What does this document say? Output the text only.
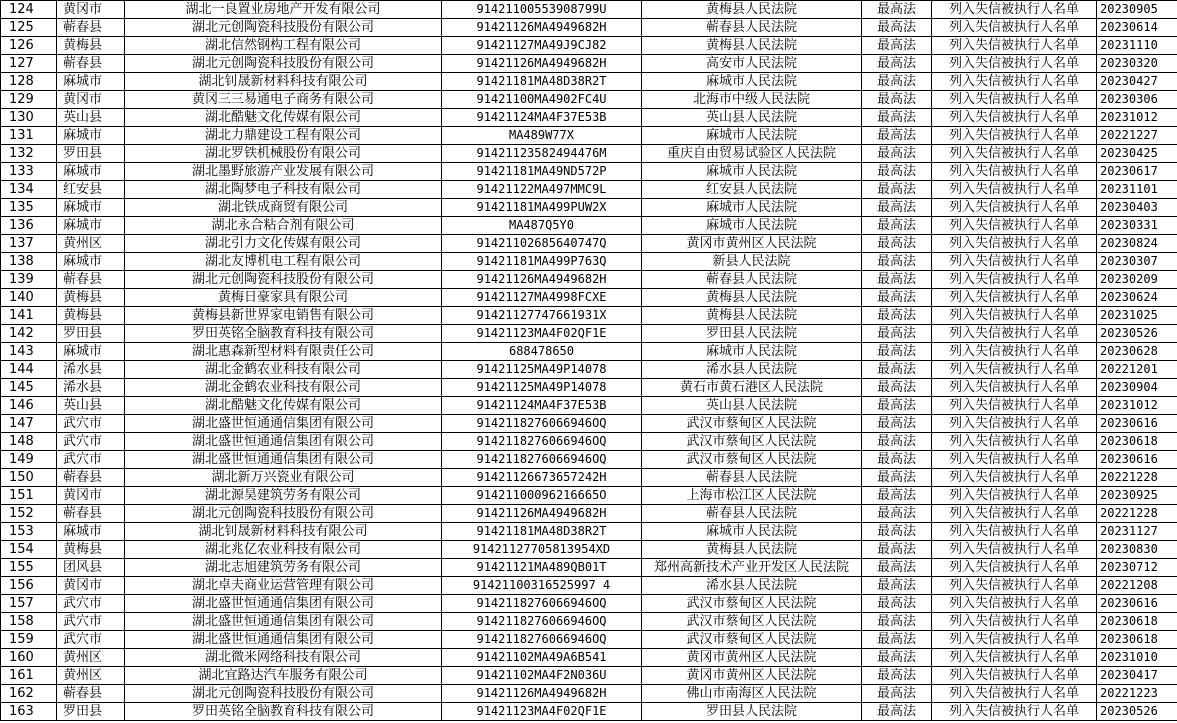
124	黄冈市	湖北一良置业房地产开发有限公司	91421100553908799U	黄梅县人民法院	最高法	列入失信被执行人名单	20230905
125	蕲春县	湖北元创陶瓷科技股份有限公司	91421126MA4949682H	蕲春县人民法院	最高法	列入失信被执行人名单	20230614
126	黄梅县	湖北信然钢构工程有限公司	91421127MA49J9CJ82	黄梅县人民法院	最高法	列入失信被执行人名单	20231110
127	蕲春县	湖北元创陶瓷科技股份有限公司	91421126MA4949682H	高安市人民法院	最高法	列入失信被执行人名单	20230320
128	麻城市	湖北钊晟新材料科技有限公司	91421181MA48D38R2T	麻城市人民法院	最高法	列入失信被执行人名单	20230427
129	黄冈市	黄冈三三易通电子商务有限公司	91421100MA4902FC4U	北海市中级人民法院	最高法	列入失信被执行人名单	20230306
130	英山县	湖北酷魅文化传媒有限公司	91421124MA4F37E53B	英山县人民法院	最高法	列入失信被执行人名单	20231012
131	麻城市	湖北力鼎建设工程有限公司	MA489W77X	麻城市人民法院	最高法	列入失信被执行人名单	20221227
132	罗田县	湖北罗铁机械股份有限公司	91421123582494476M	重庆自由贸易试验区人民法院	最高法	列入失信被执行人名单	20230425
133	麻城市	湖北墨野旅游产业发展有限公司	91421181MA49ND572P	麻城市人民法院	最高法	列入失信被执行人名单	20230617
134	红安县	湖北陶梦电子科技有限公司	91421122MA497MMC9L	红安县人民法院	最高法	列入失信被执行人名单	20231101
135	麻城市	湖北铁成商贸有限公司	91421181MA499PUW2X	麻城市人民法院	最高法	列入失信被执行人名单	20230403
136	麻城市	湖北永合粘合剂有限公司	MA487Q5Y0	麻城市人民法院	最高法	列入失信被执行人名单	20230331
137	黄州区	湖北引力文化传媒有限公司	91421102685640747Q	黄冈市黄州区人民法院	最高法	列入失信被执行人名单	20230824
138	麻城市	湖北友博机电工程有限公司	91421181MA499P763Q	新县人民法院	最高法	列入失信被执行人名单	20230307
139	蕲春县	湖北元创陶瓷科技股份有限公司	91421126MA4949682H	蕲春县人民法院	最高法	列入失信被执行人名单	20230209
140	黄梅县	黄梅日豪家具有限公司	91421127MA4998FCXE	黄梅县人民法院	最高法	列入失信被执行人名单	20230624
141	黄梅县	黄梅县新世界家电销售有限公司	91421127747661931X	黄梅县人民法院	最高法	列入失信被执行人名单	20231025
142	罗田县	罗田英铭全脑教育科技有限公司	91421123MA4F02QF1E	罗田县人民法院	最高法	列入失信被执行人名单	20230526
143	麻城市	湖北惠森新型材料有限责任公司	688478650	麻城市人民法院	最高法	列入失信被执行人名单	20230628
144	浠水县	湖北金鹤农业科技有限公司	91421125MA49P14078	浠水县人民法院	最高法	列入失信被执行人名单	20221201
145	浠水县	湖北金鹤农业科技有限公司	91421125MA49P14078	黄石市黄石港区人民法院	最高法	列入失信被执行人名单	20230904
146	英山县	湖北酷魅文化传媒有限公司	91421124MA4F37E53B	英山县人民法院	最高法	列入失信被执行人名单	20231012
147	武穴市	湖北盛世恒通通信集团有限公司	9142118276066946OQ	武汉市蔡甸区人民法院	最高法	列入失信被执行人名单	20230616
148	武穴市	湖北盛世恒通通信集团有限公司	9142118276066946OQ	武汉市蔡甸区人民法院	最高法	列入失信被执行人名单	20230618
149	武穴市	湖北盛世恒通通信集团有限公司	9142118276066946OQ	武汉市蔡甸区人民法院	最高法	列入失信被执行人名单	20230616
150	蕲春县	湖北新万兴瓷业有限公司	91421126673657242H	蕲春县人民法院	最高法	列入失信被执行人名单	20221228
151	黄冈市	湖北源昊建筑劳务有限公司	91421100096216665O	上海市松江区人民法院	最高法	列入失信被执行人名单	20230925
152	蕲春县	湖北元创陶瓷科技股份有限公司	91421126MA4949682H	蕲春县人民法院	最高法	列入失信被执行人名单	20221228
153	麻城市	湖北钊晟新材料科技有限公司	91421181MA48D38R2T	麻城市人民法院	最高法	列入失信被执行人名单	20231127
154	黄梅县	湖北兆亿农业科技有限公司	91421127705813954XD	黄梅县人民法院	最高法	列入失信被执行人名单	20230830
155	团风县	湖北志旭建筑劳务有限公司	91421121MA489QB01T	郑州高新技术产业开发区人民法院	最高法	列入失信被执行人名单	20230712
156	黄冈市	湖北卓夫商业运营管理有限公司	91421100316525997 4	浠水县人民法院	最高法	列入失信被执行人名单	20221208
157	武穴市	湖北盛世恒通通信集团有限公司	9142118276066946OQ	武汉市蔡甸区人民法院	最高法	列入失信被执行人名单	20230616
158	武穴市	湖北盛世恒通通信集团有限公司	9142118276066946OQ	武汉市蔡甸区人民法院	最高法	列入失信被执行人名单	20230618
159	武穴市	湖北盛世恒通通信集团有限公司	9142118276066946OQ	武汉市蔡甸区人民法院	最高法	列入失信被执行人名单	20230618
160	黄州区	湖北微米网络科技有限公司	91421102MA49A6B541	黄冈市黄州区人民法院	最高法	列入失信被执行人名单	20231010
161	黄州区	湖北宜路达汽车服务有限公司	91421102MA4F2N036U	黄冈市黄州区人民法院	最高法	列入失信被执行人名单	20230417
162	蕲春县	湖北元创陶瓷科技股份有限公司	91421126MA4949682H	佛山市南海区人民法院	最高法	列入失信被执行人名单	20221223
163	罗田县	罗田英铭全脑教育科技有限公司	91421123MA4F02QF1E	罗田县人民法院	最高法	列入失信被执行人名单	20230526
